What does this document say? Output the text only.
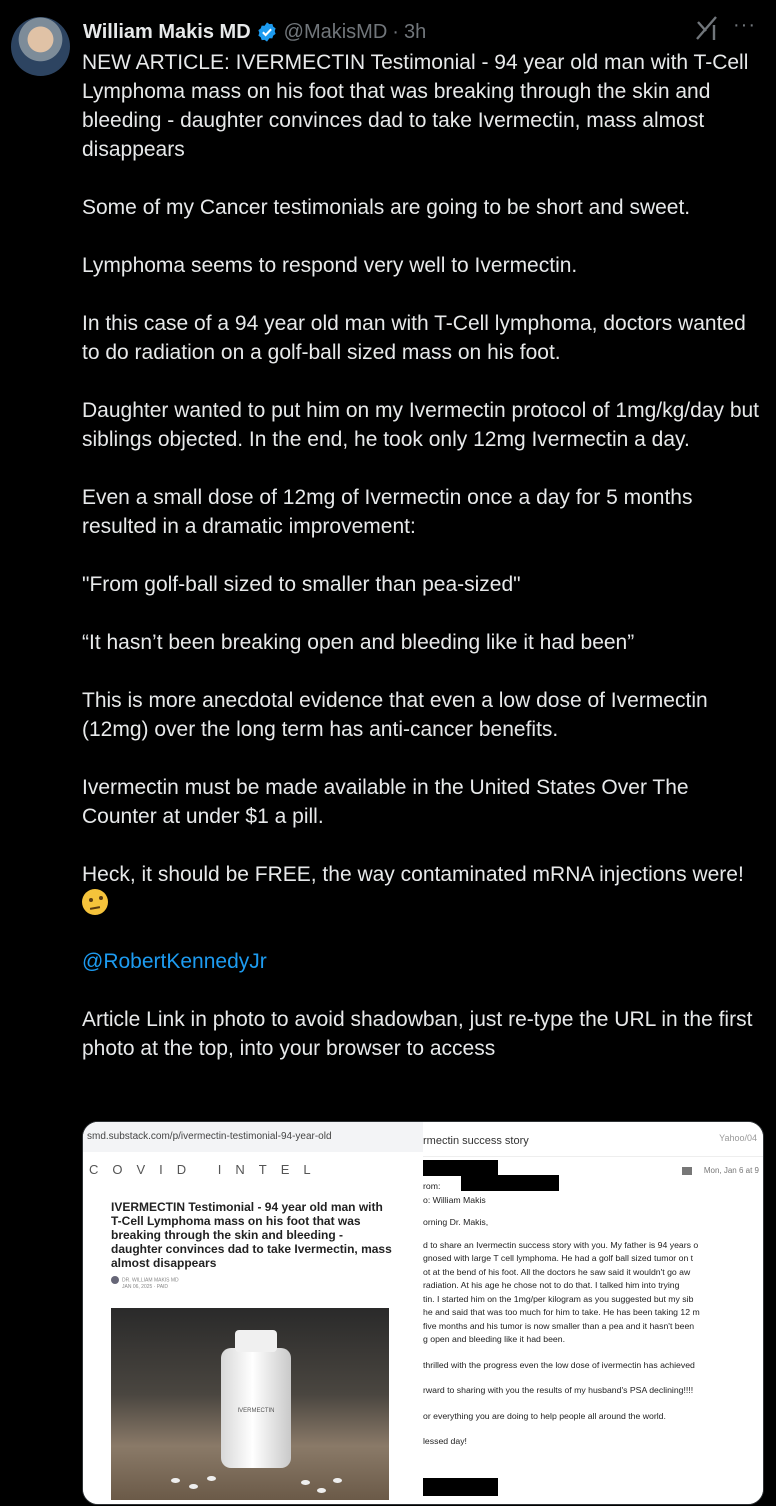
William Makis MD @MakisMD · 3h	···

NEW ARTICLE: IVERMECTIN Testimonial - 94 year old man with T-Cell Lymphoma mass on his foot that was breaking through the skin and bleeding - daughter convinces dad to take Ivermectin, mass almost disappears

Some of my Cancer testimonials are going to be short and sweet.

Lymphoma seems to respond very well to Ivermectin.

In this case of a 94 year old man with T-Cell lymphoma, doctors wanted to do radiation on a golf-ball sized mass on his foot.

Daughter wanted to put him on my Ivermectin protocol of 1mg/kg/day but siblings objected. In the end, he took only 12mg Ivermectin a day.

Even a small dose of 12mg of Ivermectin once a day for 5 months resulted in a dramatic improvement:

"From golf-ball sized to smaller than pea-sized"

“It hasn’t been breaking open and bleeding like it had been”

This is more anecdotal evidence that even a low dose of Ivermectin (12mg) over the long term has anti-cancer benefits.

Ivermectin must be made available in the United States Over The Counter at under $1 a pill.

Heck, it should be FREE, the way contaminated mRNA injections were!

@RobertKennedyJr

Article Link in photo to avoid shadowban, just re-type the URL in the first photo at the top, into your browser to access

smd.substack.com/p/ivermectin-testimonial-94-year-old
COVID INTEL
IVERMECTIN Testimonial - 94 year old man with T-Cell Lymphoma mass on his foot that was breaking through the skin and bleeding - daughter convinces dad to take Ivermectin, mass almost disappears
DR. WILLIAM MAKIS MD
JAN 06, 2025 · PAID
IVERMECTIN
rmectin success story	Yahoo/04
Mon, Jan 6 at 9
rom:
o: William Makis
orning Dr. Makis,
d to share an Ivermectin success story with you. My father is 94 years o
gnosed with large T cell lymphoma. He had a golf ball sized tumor on t
ot at the bend of his foot. All the doctors he saw said it wouldn't go aw
radiation. At his age he chose not to do that. I talked him into trying
tin. I started him on the 1mg/per kilogram as you suggested but my sib
he and said that was too much for him to take. He has been taking 12 m
five months and his tumor is now smaller than a pea and it hasn't been
g open and bleeding like it had been.
thrilled with the progress even the low dose of ivermectin has achieved
rward to sharing with you the results of my husband's PSA declining!!!!
or everything you are doing to help people all around the world.
lessed day!
